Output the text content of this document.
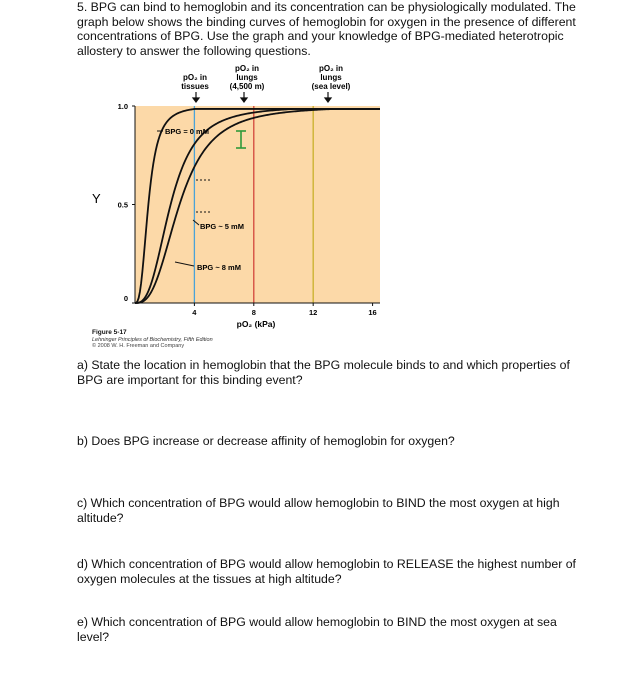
5. BPG can bind to hemoglobin and its concentration can be physiologically modulated. The graph below shows the binding curves of hemoglobin for oxygen in the presence of different concentrations of BPG. Use the graph and your knowledge of BPG-mediated heterotropic allostery to answer the following questions.
pO₂ in
tissues
pO₂ in
lungs
(4,500 m)
pO₂ in
lungs
(sea level)
4	8	12	16
0
0.5
1.0
BPG = 0 mM
BPG ~ 5 mM
BPG ~ 8 mM
Y
pO₂ (kPa)
Figure 5-17
Lehninger Principles of Biochemistry, Fifth Edition
© 2008 W. H. Freeman and Company
a) State the location in hemoglobin that the BPG molecule binds to and which properties of BPG are important for this binding event?
b) Does BPG increase or decrease affinity of hemoglobin for oxygen?
c) Which concentration of BPG would allow hemoglobin to BIND the most oxygen at high altitude?
d) Which concentration of BPG would allow hemoglobin to RELEASE the highest number of oxygen molecules at the tissues at high altitude?
e) Which concentration of BPG would allow hemoglobin to BIND the most oxygen at sea level?
